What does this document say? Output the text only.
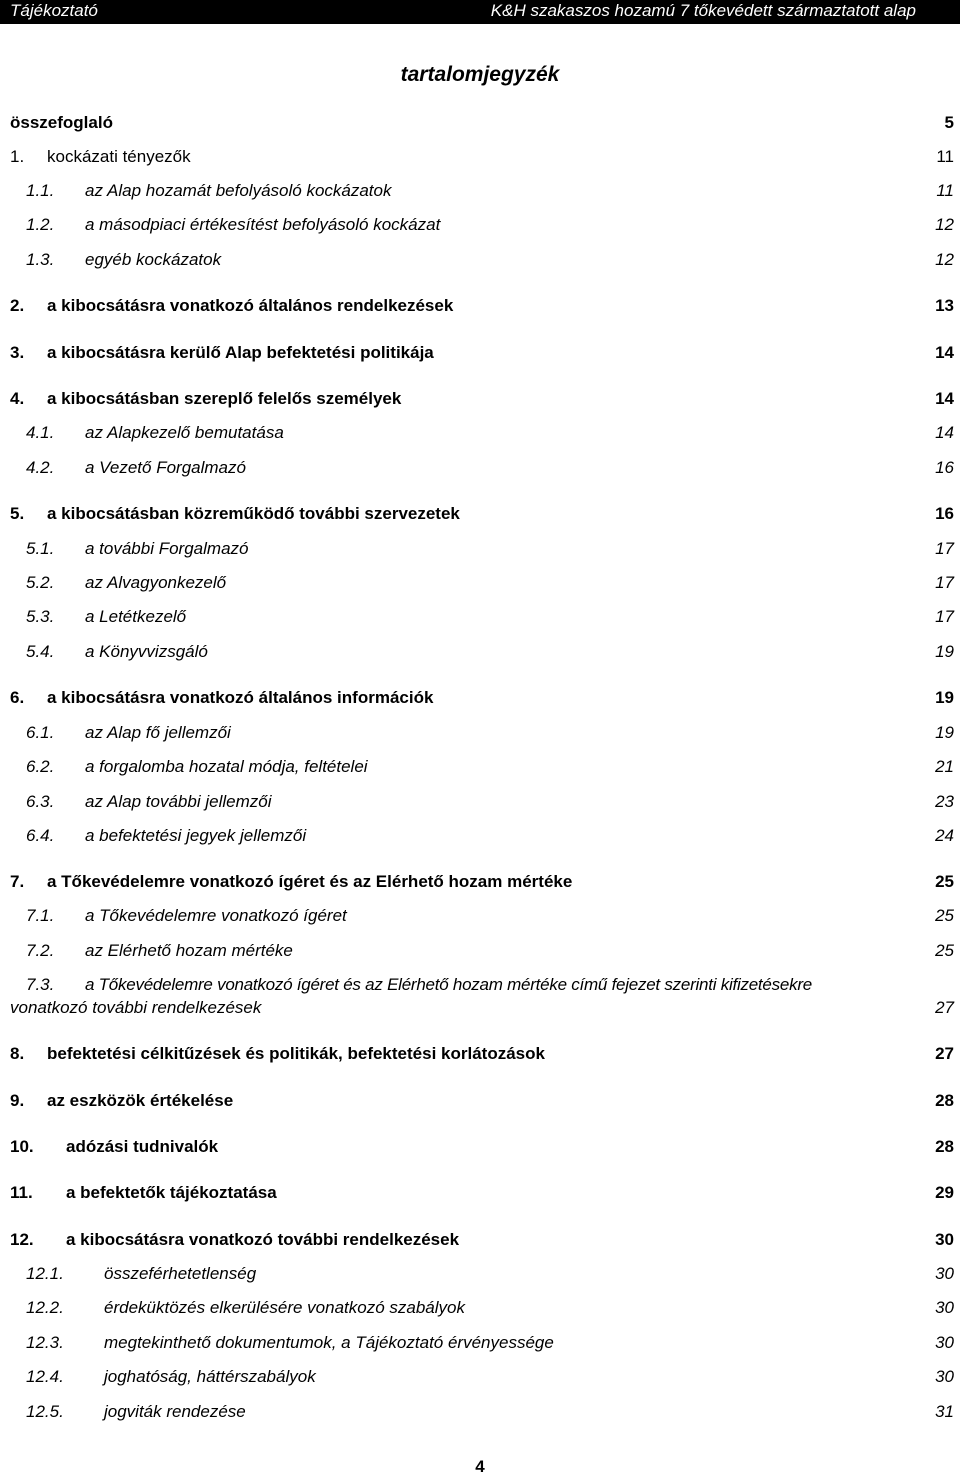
Tájékoztató	K&H szakaszos hozamú 7 tőkevédett származtatott alap
tartalomjegyzék
összefoglaló	5
1. kockázati tényezők	11
1.1. az Alap hozamát befolyásoló kockázatok	11
1.2. a másodpiaci értékesítést befolyásoló kockázat	12
1.3. egyéb kockázatok	12
2. a kibocsátásra vonatkozó általános rendelkezések	13
3. a kibocsátásra kerülő Alap befektetési politikája	14
4. a kibocsátásban szereplő felelős személyek	14
4.1. az Alapkezelő bemutatása	14
4.2. a Vezető Forgalmazó	16
5. a kibocsátásban közreműködő további szervezetek	16
5.1. a további Forgalmazó	17
5.2. az Alvagyonkezelő	17
5.3. a Letétkezelő	17
5.4. a Könyvvizsgáló	19
6. a kibocsátásra vonatkozó általános információk	19
6.1. az Alap fő jellemzői	19
6.2. a forgalomba hozatal módja, feltételei	21
6.3. az Alap további jellemzői	23
6.4. a befektetési jegyek jellemzői	24
7. a Tőkevédelemre vonatkozó ígéret és az Elérhető hozam mértéke	25
7.1. a Tőkevédelemre vonatkozó ígéret	25
7.2. az Elérhető hozam mértéke	25
7.3. a Tőkevédelemre vonatkozó ígéret és az Elérhető hozam mértéke című fejezet szerinti kifizetésekre
vonatkozó további rendelkezések	27
8. befektetési célkitűzések és politikák, befektetési korlátozások	27
9. az eszközök értékelése	28
10. adózási tudnivalók	28
11. a befektetők tájékoztatása	29
12. a kibocsátásra vonatkozó további rendelkezések	30
12.1. összeférhetetlenség	30
12.2. érdeküktözés elkerülésére vonatkozó szabályok	30
12.3. megtekinthető dokumentumok, a Tájékoztató érvényessége	30
12.4. joghatóság, háttérszabályok	30
12.5. jogviták rendezése	31
4
